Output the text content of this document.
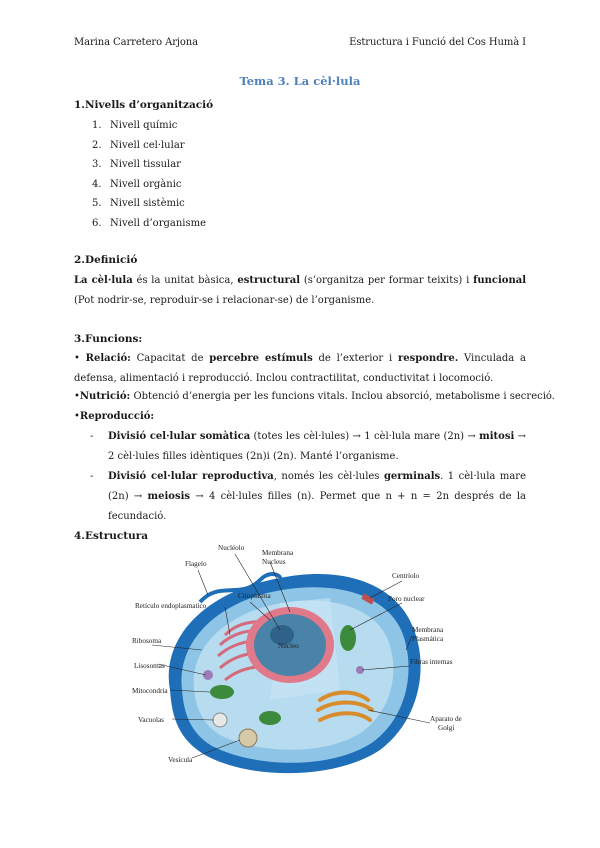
Marina Carretero Arjona	Estructura i Funció del Cos Humà I
Tema 3. La cèl·lula
1.Nivells d’organització
1. Nivell químic
2. Nivell cel·lular
3. Nivell tissular
4. Nivell orgànic
5. Nivell sistèmic
6. Nivell d’organisme
2.Definició
La cèl·lula és la unitat bàsica, estructural (s’organitza per formar teixits) i funcional (Pot nodrir-se, reproduir-se i relacionar-se) de l’organisme.
3.Funcions:
• Relació: Capacitat de percebre estímuls de l’exterior i respondre. Vinculada a defensa, alimentació i reproducció. Inclou contractilitat, conductivitat i locomoció.
•Nutrició: Obtenció d’energia per les funcions vitals. Inclou absorció, metabolisme i secreció.
•Reproducció:
- Divisió cel·lular somàtica (totes les cèl·lules) → 1 cèl·lula mare (2n) → mitosi → 2 cèl·lules filles idèntiques (2n)i (2n). Manté l’organisme.
- Divisió cel·lular reproductiva, només les cèl·lules germinals. 1 cèl·lula mare (2n) → meiosis → 4 cèl·lules filles (n). Permet que n + n = 2n després de la fecundació.
4.Estructura
Nucléolo
Membrana
Nucleus
Flagelo
Centríolo
Retículo endoplasmatico
Citoplasma	Poro nuclear
Ribosoma
Núcleo
Membrana
Plasmática
Lisosomas	Fibras internas
Mitocondria
Vacuolas	Aparato de
Golgi
Vesícula
